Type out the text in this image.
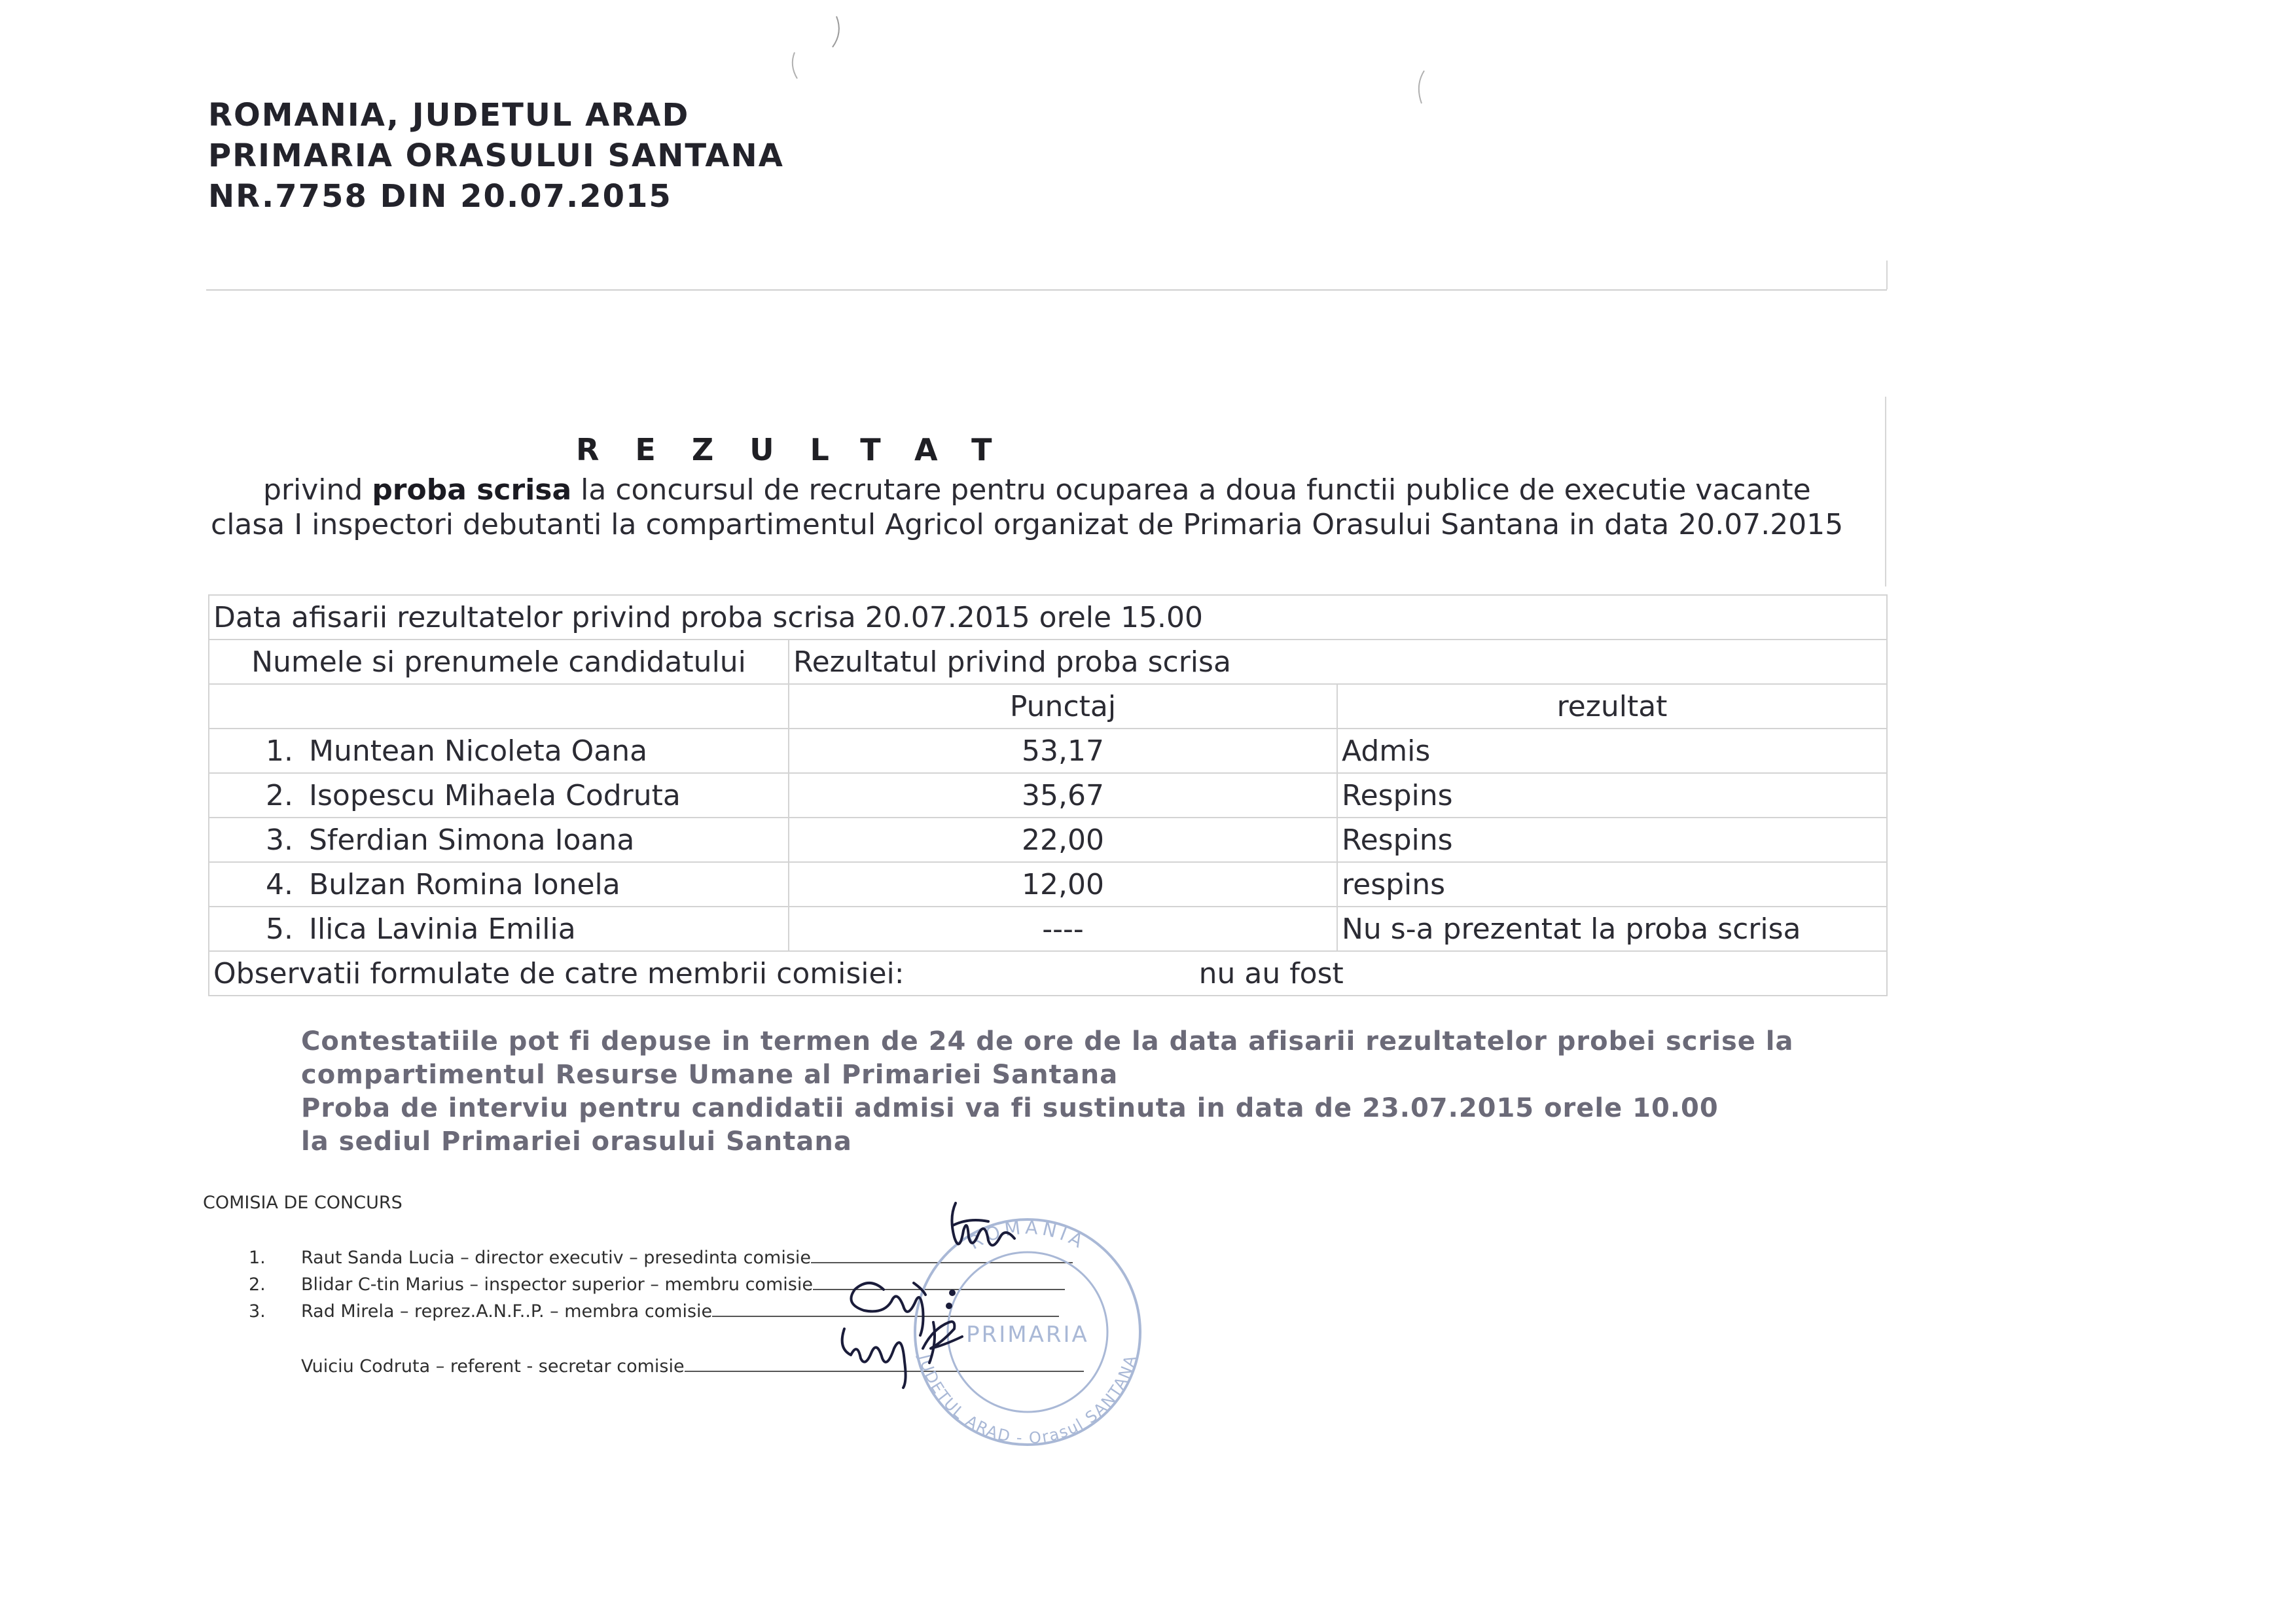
ROMANIA, JUDETUL ARAD
PRIMARIA ORASULUI SANTANA
NR.7758 DIN 20.07.2015
REZULTAT
privind proba scrisa la concursul de recrutare pentru ocuparea a doua functii publice de executie vacante clasa I inspectori debutanti la compartimentul Agricol organizat de Primaria Orasului Santana in data 20.07.2015
Data afisarii rezultatelor privind proba scrisa 20.07.2015 orele 15.00		
Numele si prenumele candidatului	Rezultatul privind proba scrisa	
	Punctaj	rezultat
1. Muntean Nicoleta Oana	53,17	Admis
2. Isopescu Mihaela Codruta	35,67	Respins
3. Sferdian Simona Ioana	22,00	Respins
4. Bulzan Romina Ionela	12,00	respins
5. Ilica Lavinia Emilia	----	Nu s-a prezentat la proba scrisa
Observatii formulate de catre membrii comisiei: nu au fost		
Contestatiile pot fi depuse in termen de 24 de ore de la data afisarii rezultatelor probei scrise la
compartimentul Resurse Umane al Primariei Santana
Proba de interviu pentru candidatii admisi va fi sustinuta in data de 23.07.2015 orele 10.00
la sediul Primariei orasului Santana
COMISIA DE CONCURS
1. Raut Sanda Lucia – director executiv – presedinta comisie
2. Blidar C-tin Marius – inspector superior – membru comisie
3. Rad Mirela – reprez.A.N.F..P. – membra comisie
Vuiciu Codruta – referent - secretar comisie
ROMANIA
PRIMARIA
JUDETUL ARAD - Orasul SANTANA
